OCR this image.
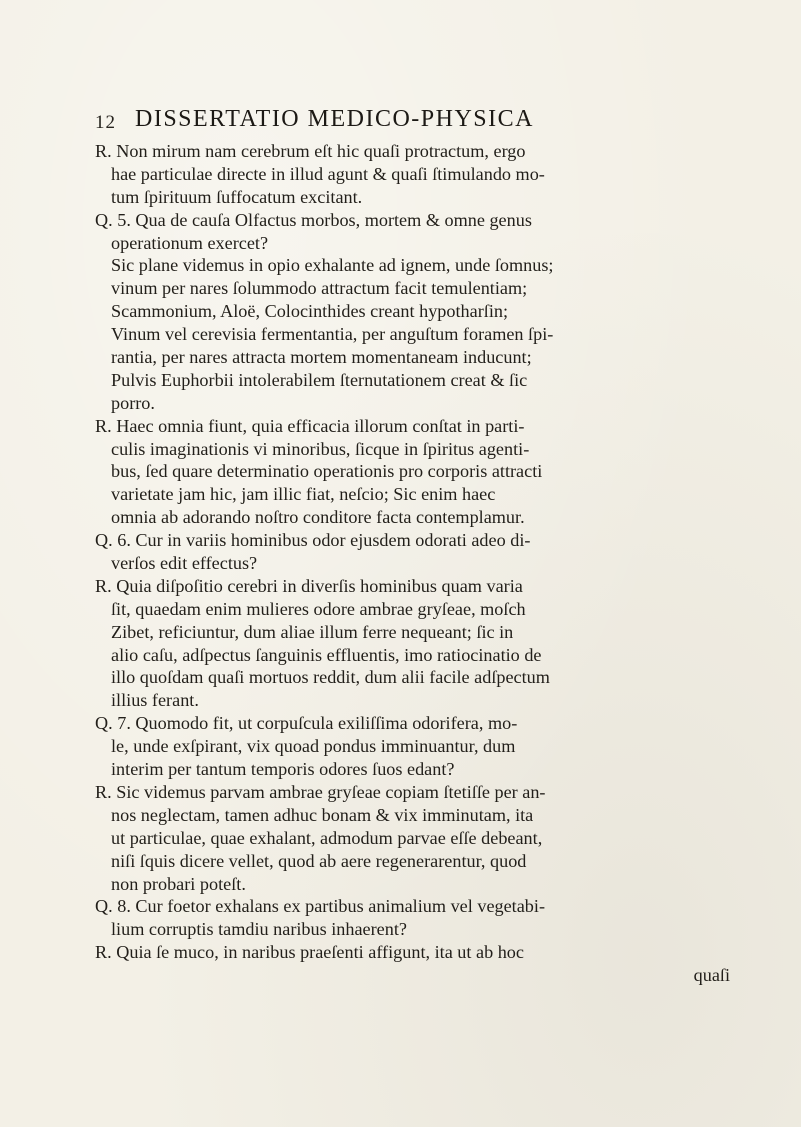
12 DISSERTATIO MEDICO-PHYSICA
R. Non mirum nam cerebrum eſt hic quaſi protractum, ergo
hae particulae directe in illud agunt & quaſi ſtimulando mo-
tum ſpirituum ſuffocatum excitant.
Q. 5. Qua de cauſa Olfactus morbos, mortem & omne genus
operationum exercet?
Sic plane videmus in opio exhalante ad ignem, unde ſomnus;
vinum per nares ſolummodo attractum facit temulentiam;
Scammonium, Aloë, Colocinthides creant hypotharſin;
Vinum vel cerevisia fermentantia, per anguſtum foramen ſpi-
rantia, per nares attracta mortem momentaneam inducunt;
Pulvis Euphorbii intolerabilem ſternutationem creat & ſic
porro.
R. Haec omnia fiunt, quia efficacia illorum conſtat in parti-
culis imaginationis vi minoribus, ſicque in ſpiritus agenti-
bus, ſed quare determinatio operationis pro corporis attracti
varietate jam hic, jam illic fiat, neſcio; Sic enim haec
omnia ab adorando noſtro conditore facta contemplamur.
Q. 6. Cur in variis hominibus odor ejusdem odorati adeo di-
verſos edit effectus?
R. Quia diſpoſitio cerebri in diverſis hominibus quam varia
ſit, quaedam enim mulieres odore ambrae gryſeae, moſch
Zibet, reficiuntur, dum aliae illum ferre nequeant; ſic in
alio caſu, adſpectus ſanguinis effluentis, imo ratiocinatio de
illo quoſdam quaſi mortuos reddit, dum alii facile adſpectum
illius ferant.
Q. 7. Quomodo fit, ut corpuſcula exiliſſima odorifera, mo-
le, unde exſpirant, vix quoad pondus imminuantur, dum
interim per tantum temporis odores ſuos edant?
R. Sic videmus parvam ambrae gryſeae copiam ſtetiſſe per an-
nos neglectam, tamen adhuc bonam & vix imminutam, ita
ut particulae, quae exhalant, admodum parvae eſſe debeant,
niſi ſquis dicere vellet, quod ab aere regenerarentur, quod
non probari poteſt.
Q. 8. Cur foetor exhalans ex partibus animalium vel vegetabi-
lium corruptis tamdiu naribus inhaerent?
R. Quia ſe muco, in naribus praeſenti affigunt, ita ut ab hoc
quaſi
